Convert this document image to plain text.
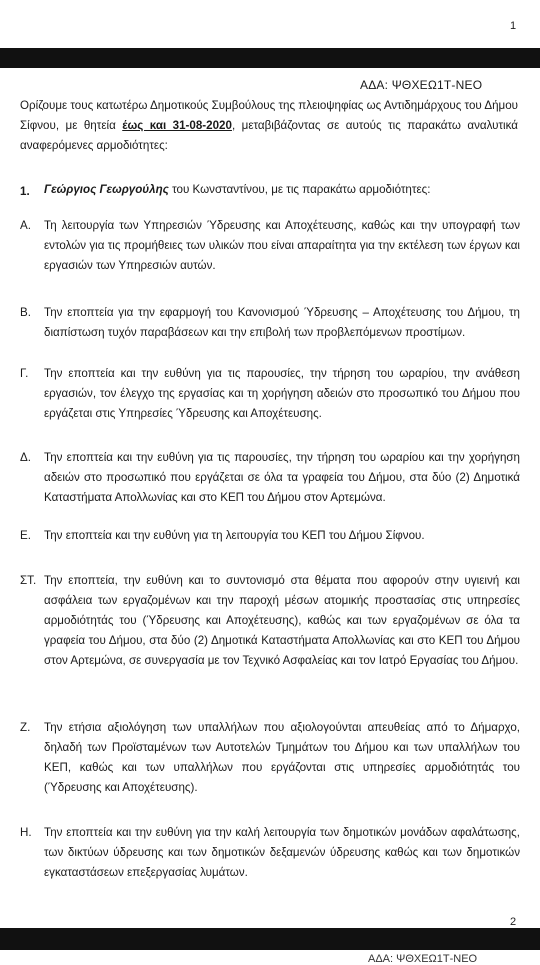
1
ΑΔΑ: ΨΘΧΕΩ1Τ-ΝΕΟ
Ορίζουμε τους κατωτέρω Δημοτικούς Συμβούλους της πλειοψηφίας ως Αντιδημάρχους του Δήμου Σίφνου, με θητεία έως και 31-08-2020, μεταβιβάζοντας σε αυτούς τις παρακάτω αναλυτικά αναφερόμενες αρμοδιότητες:
1.	Γεώργιος Γεωργούλης του Κωνσταντίνου, με τις παρακάτω αρμοδιότητες:
Α.	Τη λειτουργία των Υπηρεσιών Ύδρευσης και Αποχέτευσης, καθώς και την υπογραφή των εντολών για τις προμήθειες των υλικών που είναι απαραίτητα για την εκτέλεση των έργων και εργασιών των Υπηρεσιών αυτών.
Β.	Την εποπτεία για την εφαρμογή του Κανονισμού Ύδρευσης – Αποχέτευσης του Δήμου, τη διαπίστωση τυχόν παραβάσεων και την επιβολή των προβλεπόμενων προστίμων.
Γ.	Την εποπτεία και την ευθύνη για τις παρουσίες, την τήρηση του ωραρίου, την ανάθεση εργασιών, τον έλεγχο της εργασίας και τη χορήγηση αδειών στο προσωπικό του Δήμου που εργάζεται στις Υπηρεσίες Ύδρευσης και Αποχέτευσης.
Δ.	Την εποπτεία και την ευθύνη για τις παρουσίες, την τήρηση του ωραρίου και την χορήγηση αδειών στο προσωπικό που εργάζεται σε όλα τα γραφεία του Δήμου, στα δύο (2) Δημοτικά Καταστήματα Απολλωνίας και στο ΚΕΠ του Δήμου στον Αρτεμώνα.
Ε.	Την εποπτεία και την ευθύνη για τη λειτουργία του ΚΕΠ του Δήμου Σίφνου.
ΣΤ. Την εποπτεία, την ευθύνη και το συντονισμό στα θέματα που αφορούν στην υγιεινή και ασφάλεια των εργαζομένων και την παροχή μέσων ατομικής προστασίας στις υπηρεσίες αρμοδιότητάς του (Ύδρευσης και Αποχέτευσης), καθώς και των εργαζομένων σε όλα τα γραφεία του Δήμου, στα δύο (2) Δημοτικά Καταστήματα Απολλωνίας και στο ΚΕΠ του Δήμου στον Αρτεμώνα, σε συνεργασία με τον Τεχνικό Ασφαλείας και τον Ιατρό Εργασίας του Δήμου.
Ζ.	Την ετήσια αξιολόγηση των υπαλλήλων που αξιολογούνται απευθείας από το Δήμαρχο, δηλαδή των Προϊσταμένων των Αυτοτελών Τμημάτων του Δήμου και των υπαλλήλων του ΚΕΠ, καθώς και των υπαλλήλων που εργάζονται στις υπηρεσίες αρμοδιότητάς του (Ύδρευσης και Αποχέτευσης).
Η.	Την εποπτεία και την ευθύνη για την καλή λειτουργία των δημοτικών μονάδων αφαλάτωσης, των δικτύων ύδρευσης και των δημοτικών δεξαμενών ύδρευσης καθώς και των δημοτικών εγκαταστάσεων επεξεργασίας λυμάτων.
2
ΑΔΑ: ΨΘΧΕΩ1Τ-ΝΕΟ
